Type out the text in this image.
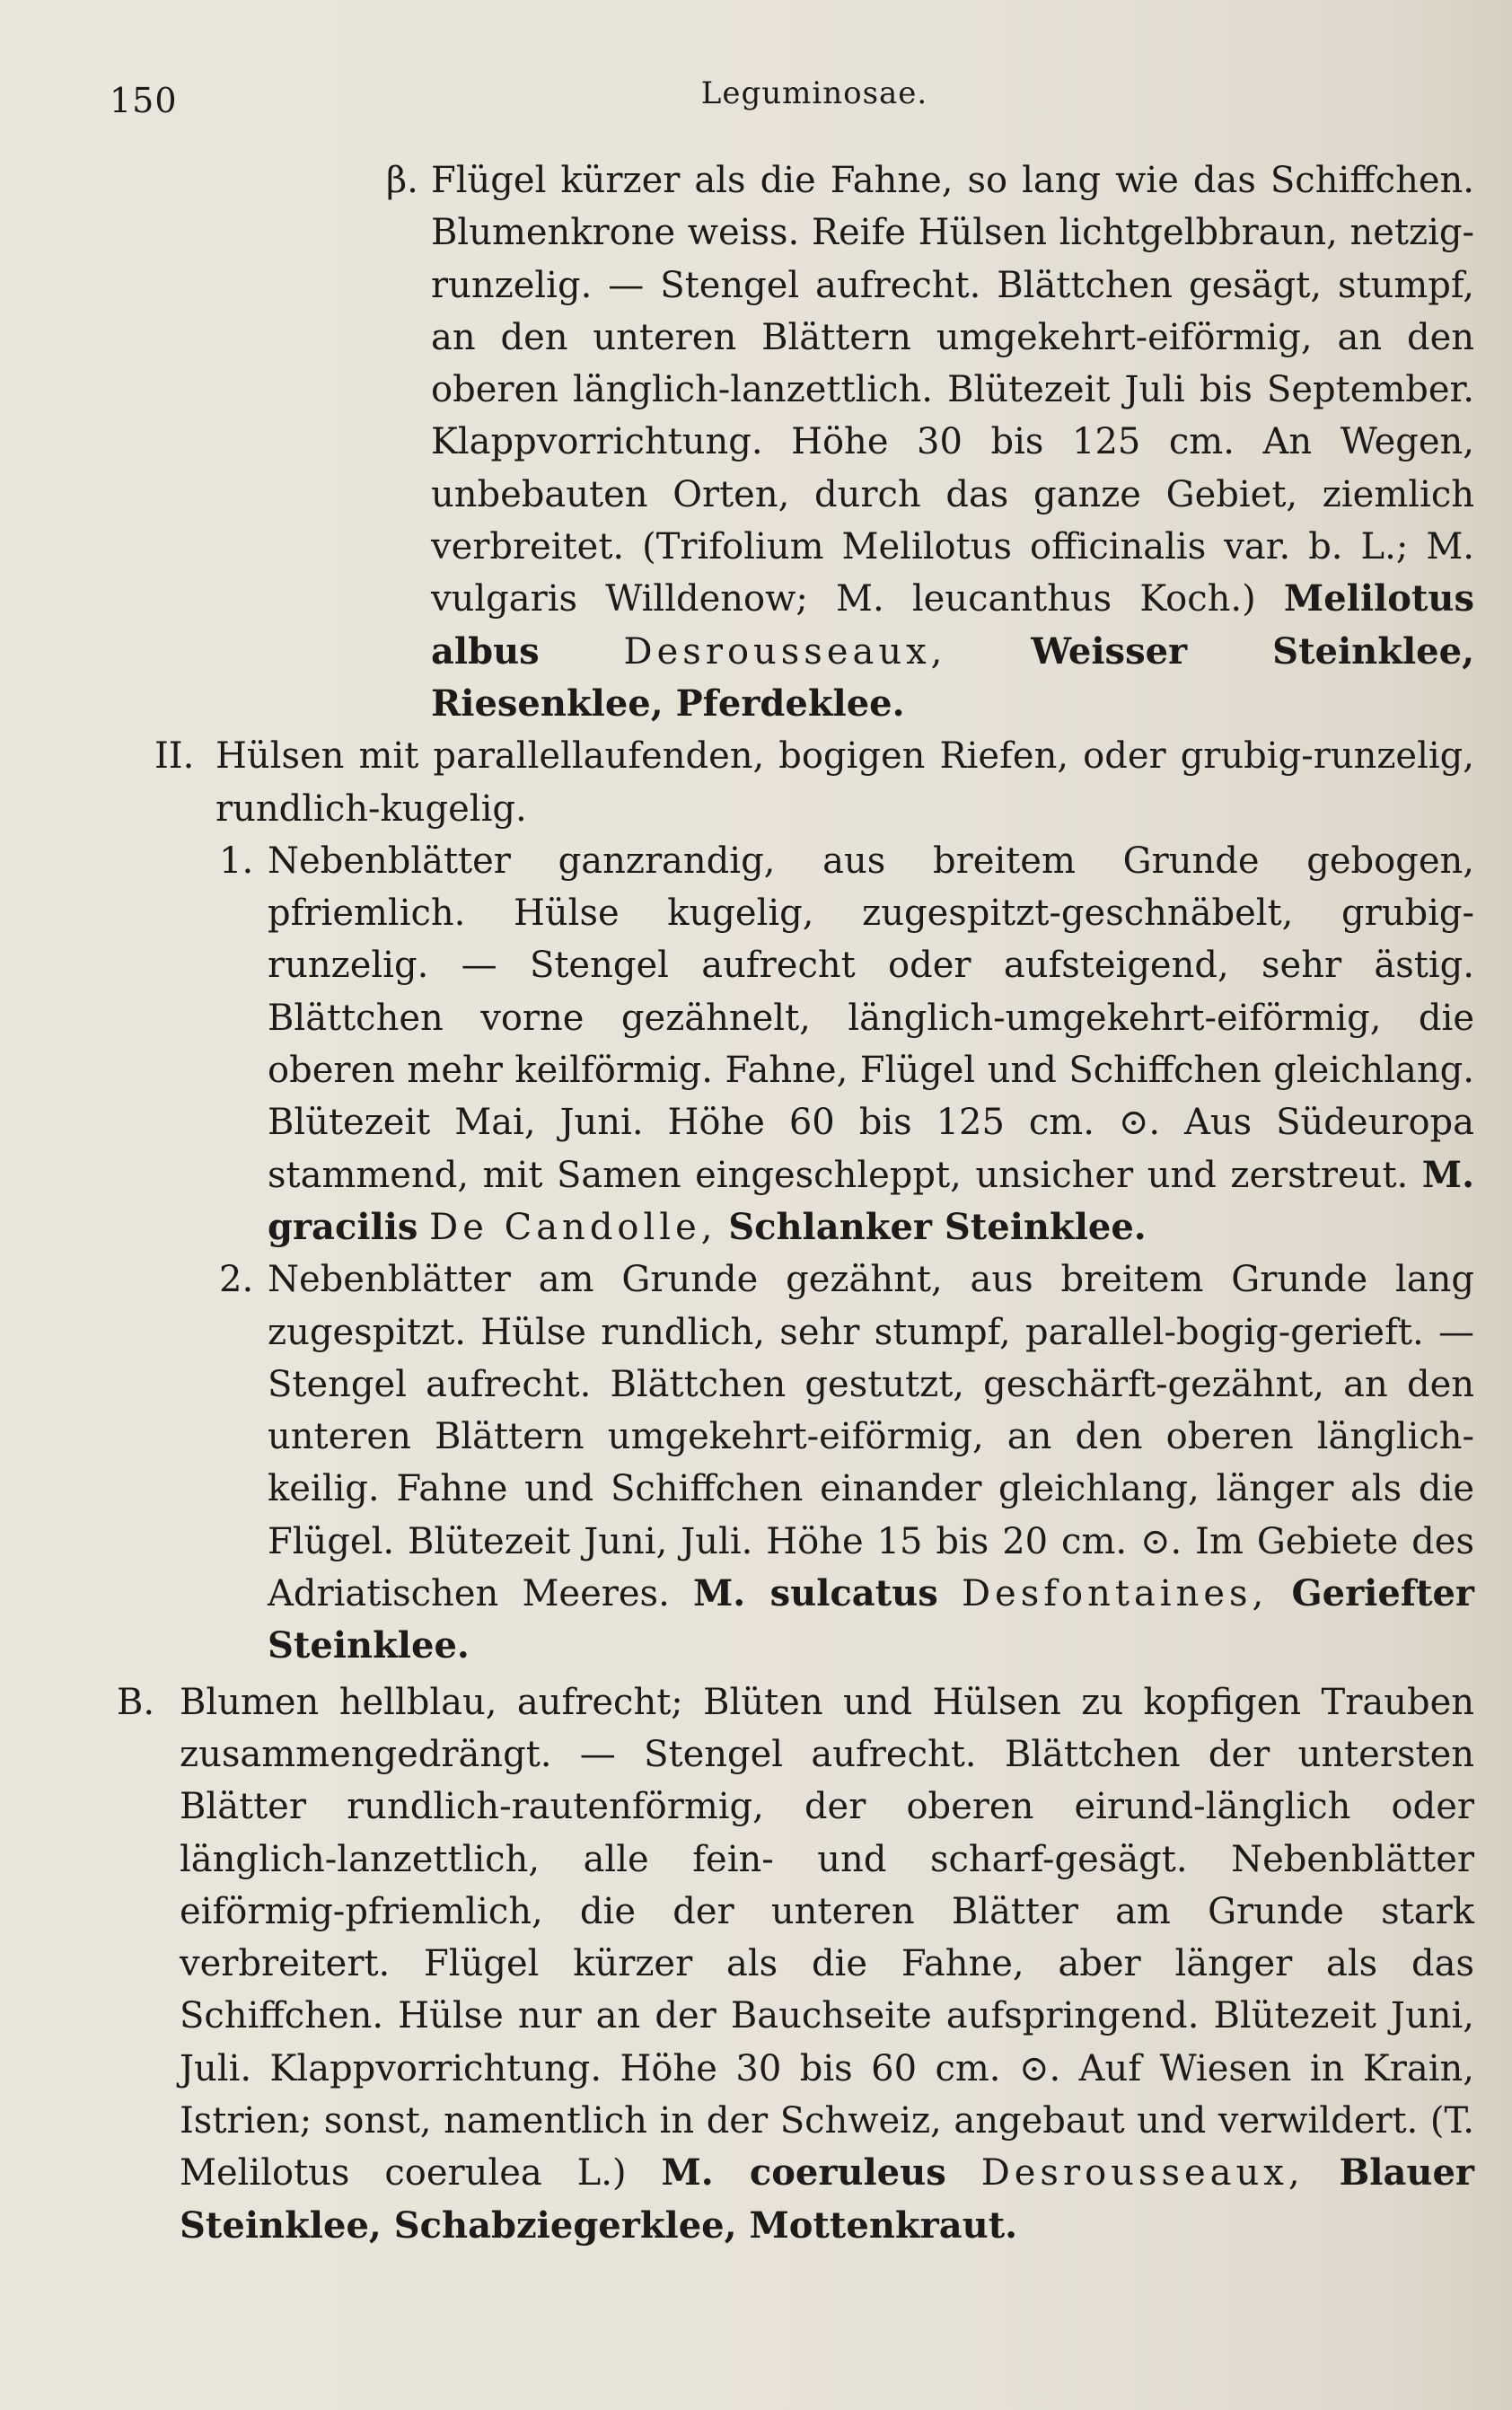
150	Leguminosae.
β. Flügel kürzer als die Fahne, so lang wie das Schiffchen. Blumenkrone weiss. Reife Hülsen lichtgelbbraun, netzig-runzelig. — Stengel aufrecht. Blättchen gesägt, stumpf, an den unteren Blättern umgekehrt-eiförmig, an den oberen länglich-lanzettlich. Blütezeit Juli bis September. Klappvorrichtung. Höhe 30 bis 125 cm. An Wegen, unbebauten Orten, durch das ganze Gebiet, ziemlich verbreitet. (Trifolium Melilotus officinalis var. b. L.; M. vulgaris Willdenow; M. leucanthus Koch.) Melilotus albus Desrousseaux, Weisser Steinklee, Riesenklee, Pferdeklee.
II. Hülsen mit parallellaufenden, bogigen Riefen, oder grubig-runzelig, rundlich-kugelig.
1. Nebenblätter ganzrandig, aus breitem Grunde gebogen, pfriemlich. Hülse kugelig, zugespitzt-geschnäbelt, grubig-runzelig. — Stengel aufrecht oder aufsteigend, sehr ästig. Blättchen vorne gezähnelt, länglich-umgekehrt-eiförmig, die oberen mehr keilförmig. Fahne, Flügel und Schiffchen gleichlang. Blütezeit Mai, Juni. Höhe 60 bis 125 cm. ⊙. Aus Südeuropa stammend, mit Samen eingeschleppt, unsicher und zerstreut. M. gracilis De Candolle, Schlanker Steinklee.
2. Nebenblätter am Grunde gezähnt, aus breitem Grunde lang zugespitzt. Hülse rundlich, sehr stumpf, parallel-bogig-gerieft. — Stengel aufrecht. Blättchen gestutzt, geschärft-gezähnt, an den unteren Blättern umgekehrt-eiförmig, an den oberen länglich-keilig. Fahne und Schiffchen einander gleichlang, länger als die Flügel. Blütezeit Juni, Juli. Höhe 15 bis 20 cm. ⊙. Im Gebiete des Adriatischen Meeres. M. sulcatus Desfontaines, Geriefter Steinklee.
B. Blumen hellblau, aufrecht; Blüten und Hülsen zu kopfigen Trauben zusammengedrängt. — Stengel aufrecht. Blättchen der untersten Blätter rundlich-rautenförmig, der oberen eirund-länglich oder länglich-lanzettlich, alle fein- und scharf-gesägt. Nebenblätter eiförmig-pfriemlich, die der unteren Blätter am Grunde stark verbreitert. Flügel kürzer als die Fahne, aber länger als das Schiffchen. Hülse nur an der Bauchseite aufspringend. Blütezeit Juni, Juli. Klappvorrichtung. Höhe 30 bis 60 cm. ⊙. Auf Wiesen in Krain, Istrien; sonst, namentlich in der Schweiz, angebaut und verwildert. (T. Melilotus coerulea L.) M. coeruleus Desrousseaux, Blauer Steinklee, Schabziegerklee, Mottenkraut.
